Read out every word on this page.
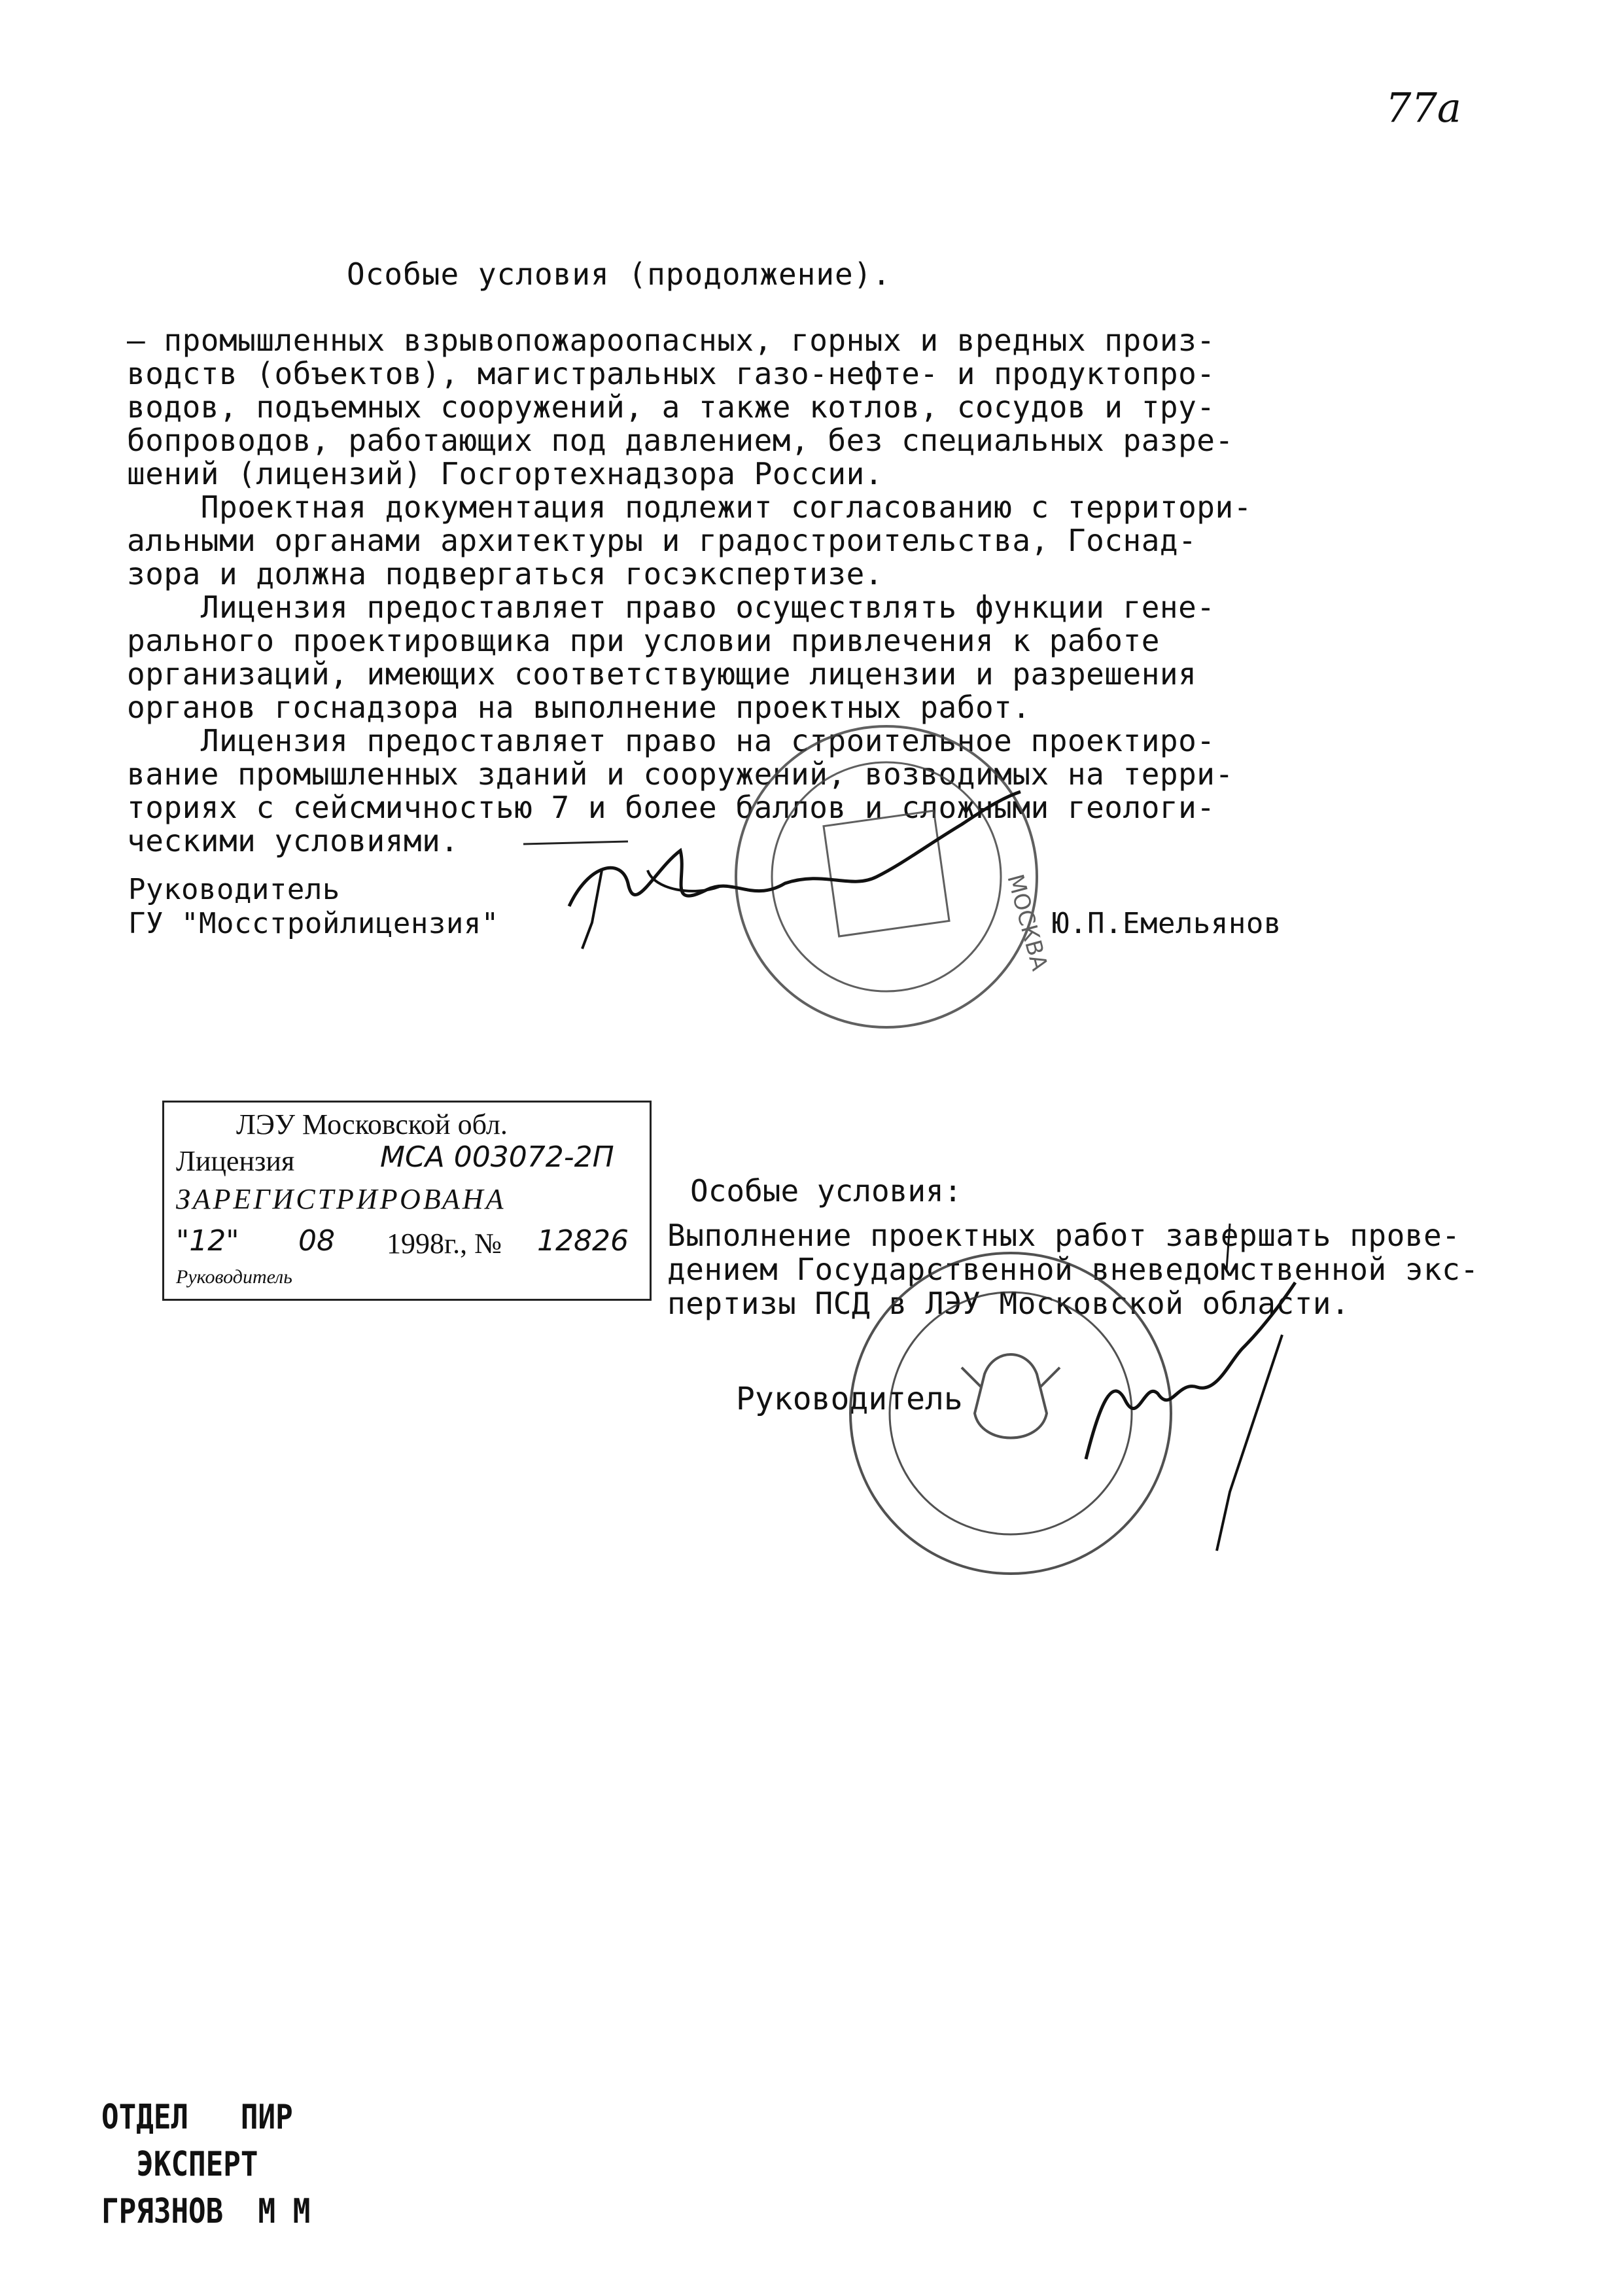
77а
Особые условия (продолжение).
– промышленных взрывопожароопасных, горных и вредных произ-
водств (объектов), магистральных газо-нефте- и продуктопро-
водов, подъемных сооружений, а также котлов, сосудов и тру-
бопроводов, работающих под давлением, без специальных разре-
шений (лицензий) Госгортехнадзора России.
Проектная документация подлежит согласованию с территори-
альными органами архитектуры и градостроительства, Госнад-
зора и должна подвергаться госэкспертизе.
Лицензия предоставляет право осуществлять функции гене-
рального проектировщика при условии привлечения к работе
организаций, имеющих соответствующие лицензии и разрешения
органов госнадзора на выполнение проектных работ.
Лицензия предоставляет право на строительное проектиро-
вание промышленных зданий и сооружений, возводимых на терри-
ториях с сейсмичностью 7 и более баллов и сложными геологи-
ческими условиями.
Руководитель
ГУ "Мосстройлицензия"	Ю.П.Емельянов
МОСКВА
ЛЭУ Московской обл.
Лицензия	МСА 003072-2П
ЗАРЕГИСТРИРОВАНА
"12" 08 1998г., № 12826
Руководитель
Особые условия:
Выполнение проектных работ завершать прове-
дением Государственной вневедомственной экс-
пертизы ПСД в ЛЭУ Московской области.
Руководитель
ОТДЕЛ   ПИР
ЭКСПЕРТ
ГРЯЗНОВ  М М
